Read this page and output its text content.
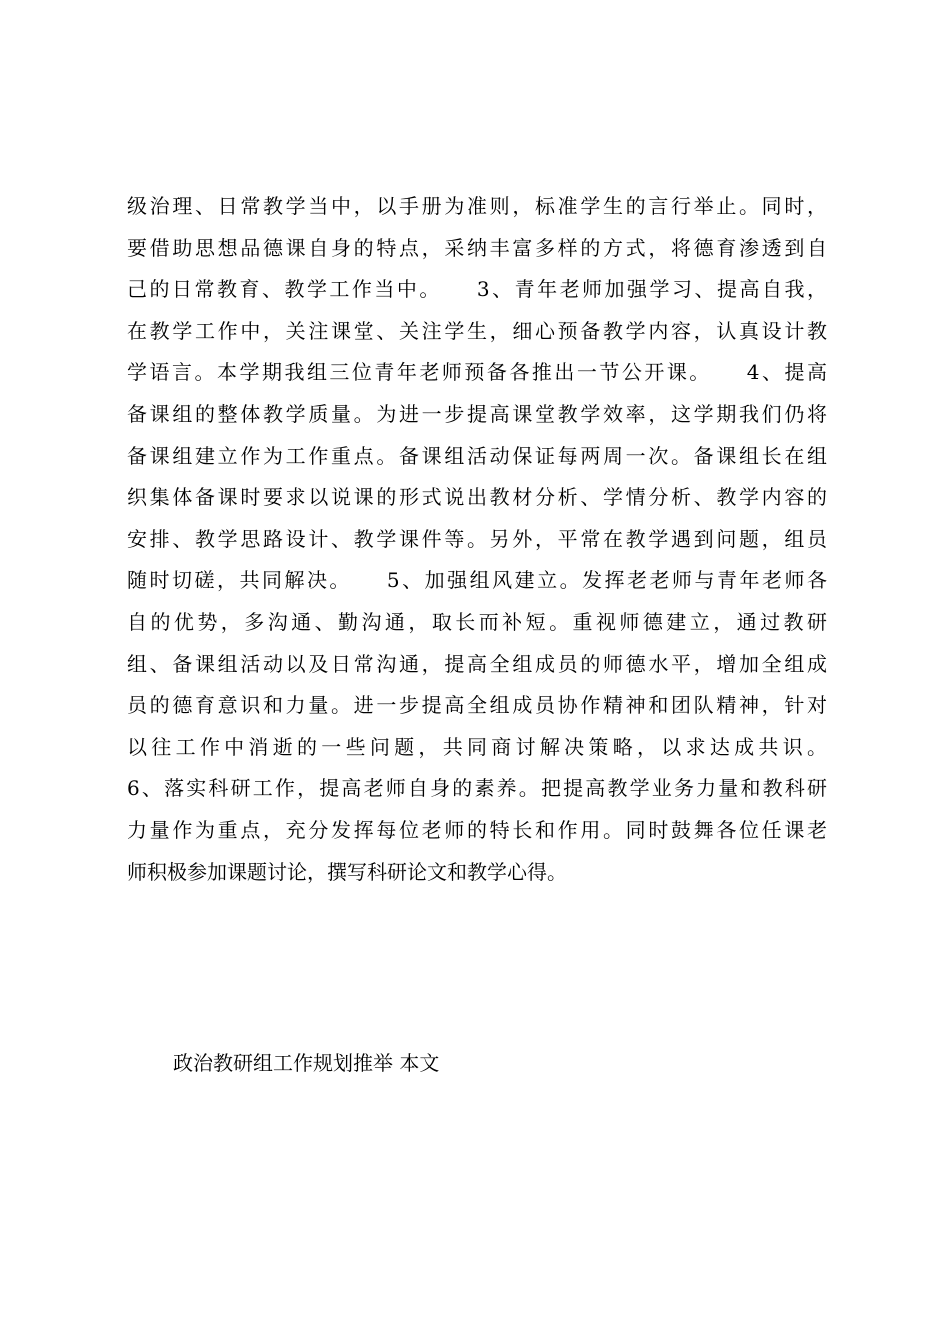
级治理、日常教学当中，以手册为准则，标准学生的言行举止。同时，
要借助思想品德课自身的特点，采纳丰富多样的方式，将德育渗透到自
己的日常教育、教学工作当中。　　3、青年老师加强学习、提高自我，
在教学工作中，关注课堂、关注学生，细心预备教学内容，认真设计教
学语言。本学期我组三位青年老师预备各推出一节公开课。　　4、提高
备课组的整体教学质量。为进一步提高课堂教学效率，这学期我们仍将
备课组建立作为工作重点。备课组活动保证每两周一次。备课组长在组
织集体备课时要求以说课的形式说出教材分析、学情分析、教学内容的
安排、教学思路设计、教学课件等。另外，平常在教学遇到问题，组员
随时切磋，共同解决。　　5、加强组风建立。发挥老老师与青年老师各
自的优势，多沟通、勤沟通，取长而补短。重视师德建立，通过教研
组、备课组活动以及日常沟通，提高全组成员的师德水平，增加全组成
员的德育意识和力量。进一步提高全组成员协作精神和团队精神，针对
以往工作中消逝的一些问题，共同商讨解决策略，以求达成共识。
6、落实科研工作，提高老师自身的素养。把提高教学业务力量和教科研
力量作为重点，充分发挥每位老师的特长和作用。同时鼓舞各位任课老
师积极参加课题讨论，撰写科研论文和教学心得。
政治教研组工作规划推举 本文
